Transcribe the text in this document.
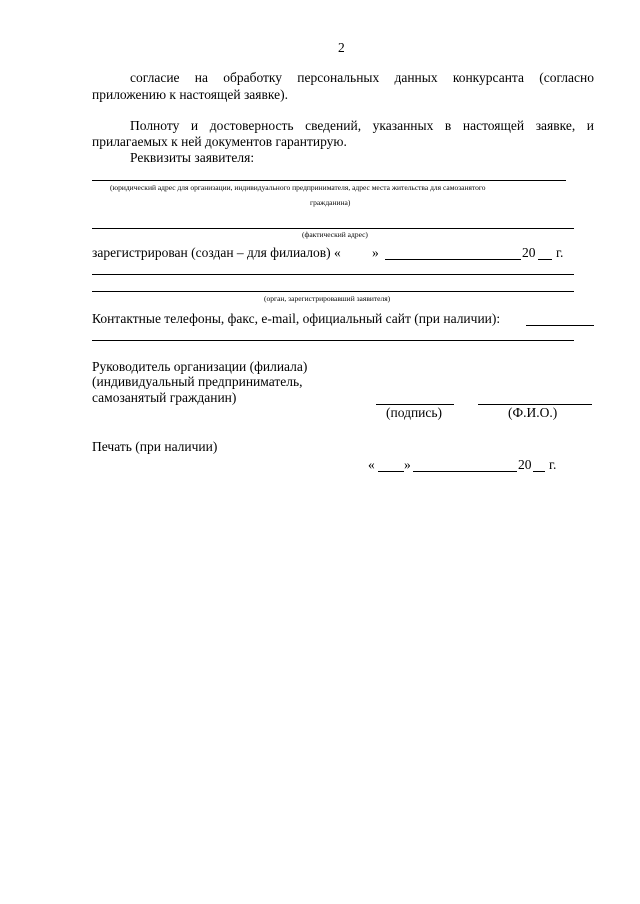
2
согласие на обработку персональных данных конкурсанта (согласно
приложению к настоящей заявке).
Полноту и достоверность сведений, указанных в настоящей заявке, и
прилагаемых к ней документов гарантирую.
Реквизиты заявителя:
(юридический адрес для организации, индивидуального предпринимателя, адрес места жительства для самозанятого
гражданина)
(фактический адрес)
зарегистрирован (создан – для филиалов) « »	20 г.
(орган, зарегистрировавший заявителя)
Контактные телефоны, факс, e-mail, официальный сайт (при наличии):
Руководитель организации (филиала)
(индивидуальный предприниматель,
самозанятый гражданин)
(подпись)	(Ф.И.О.)
Печать (при наличии)
« »	20 г.
